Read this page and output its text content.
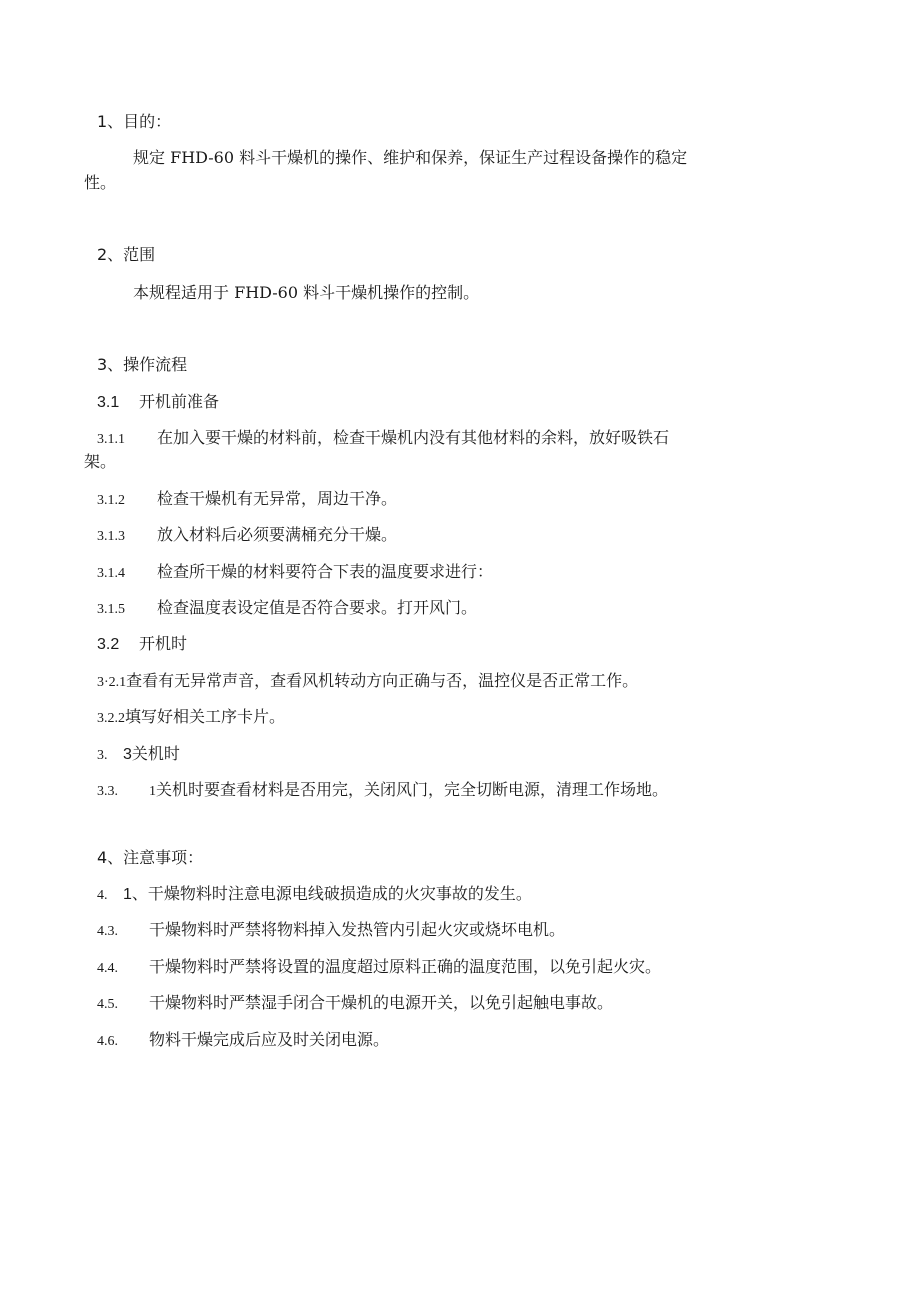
1、目的：
规定 FHD-60 料斗干燥机的操作、维护和保养，保证生产过程设备操作的稳定
性。
2、范围
本规程适用于 FHD-60 料斗干燥机操作的控制。
3、操作流程
3.1 开机前准备
3.1.1 在加入要干燥的材料前，检查干燥机内没有其他材料的余料，放好吸铁石
架。
3.1.2 检查干燥机有无异常，周边干净。
3.1.3 放入材料后必须要满桶充分干燥。
3.1.4 检查所干燥的材料要符合下表的温度要求进行：
3.1.5 检查温度表设定值是否符合要求。打开风门。
3.2 开机时
3·2.1查看有无异常声音，查看风机转动方向正确与否，温控仪是否正常工作。
3.2.2填写好相关工序卡片。
3. 3关机时
3.3. 1关机时要查看材料是否用完，关闭风门，完全切断电源，清理工作场地。
4、注意事项：
4. 1、干燥物料时注意电源电线破损造成的火灾事故的发生。
4.3. 干燥物料时严禁将物料掉入发热管内引起火灾或烧坏电机。
4.4. 干燥物料时严禁将设置的温度超过原料正确的温度范围，以免引起火灾。
4.5. 干燥物料时严禁湿手闭合干燥机的电源开关，以免引起触电事故。
4.6. 物料干燥完成后应及时关闭电源。
